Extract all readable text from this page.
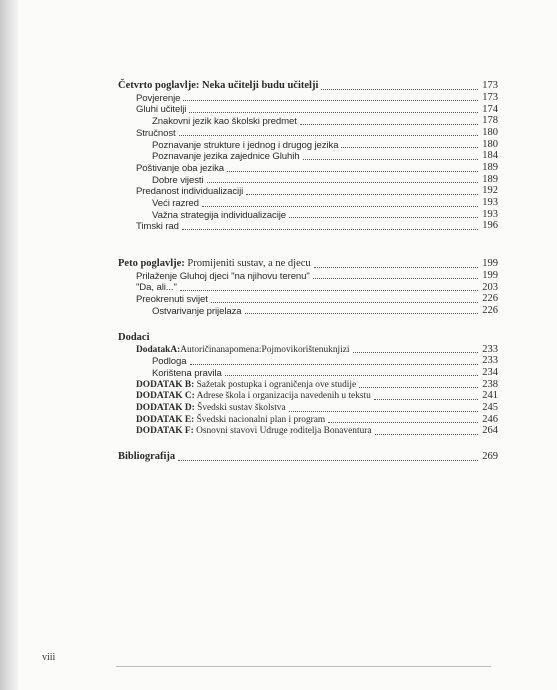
Četvrto poglavlje: Neka učitelji budu učitelji	173
Povjerenje	173
Gluhi učitelji	174
Znakovni jezik kao školski predmet	178
Stručnost	180
Poznavanje strukture i jednog i drugog jezika	180
Poznavanje jezika zajednice Gluhih	184
Poštivanje oba jezika	189
Dobre vijesti	189
Predanost individualizaciji	192
Veći razred	193
Važna strategija individualizacije	193
Timski rad	196
Peto poglavlje: Promijeniti sustav, a ne djecu	199
Prilaženje Gluhoj djeci "na njihovu terenu"	199
"Da, ali..."	203
Preokrenuti svijet	226
Ostvarivanje prijelaza	226
Dodaci
DodatakA:Autoričinanapomena:Pojmovikorištenuknjizi	233
Podloga	233
Korištena pravila	234
DODATAK B: Sažetak postupka i ograničenja ove studije	238
DODATAK C: Adrese škola i organizacija navedenih u tekstu	241
DODATAK D: Švedski sustav školstva	245
DODATAK E: Švedski nacionalni plan i program	246
DODATAK F: Osnovni stavovi Udruge roditelja Bonaventura	264
Bibliografija	269
viii
